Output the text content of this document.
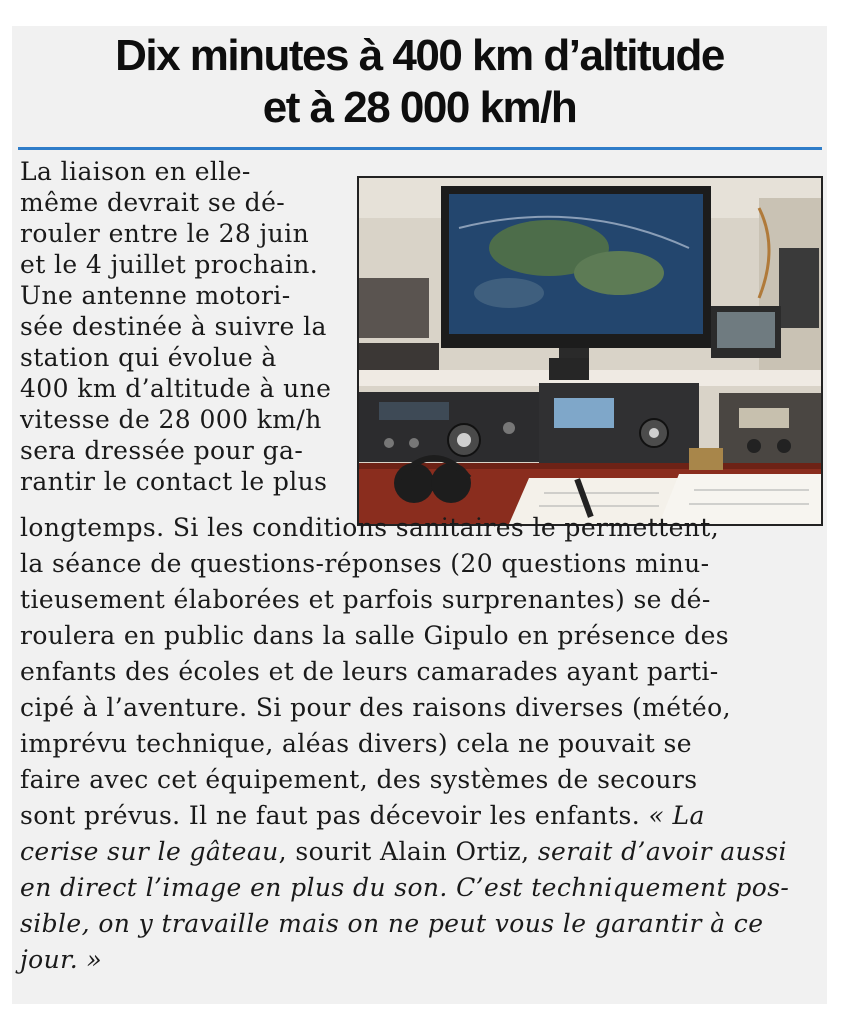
Dix minutes à 400 km d’altitude
et à 28 000 km/h
La liaison en elle-
même devrait se dé-
rouler entre le 28 juin
et le 4 juillet prochain.
Une antenne motori-
sée destinée à suivre la
station qui évolue à
400 km d’altitude à une
vitesse de 28 000 km/h
sera dressée pour ga-
rantir le contact le plus
longtemps. Si les conditions sanitaires le permettent,
la séance de questions-réponses (20 questions minu-
tieusement élaborées et parfois surprenantes) se dé-
roulera en public dans la salle Gipulo en présence des
enfants des écoles et de leurs camarades ayant parti-
cipé à l’aventure. Si pour des raisons diverses (météo,
imprévu technique, aléas divers) cela ne pouvait se
faire avec cet équipement, des systèmes de secours
sont prévus. Il ne faut pas décevoir les enfants. « La
cerise sur le gâteau, sourit Alain Ortiz, serait d’avoir aussi
en direct l’image en plus du son. C’est techniquement pos-
sible, on y travaille mais on ne peut vous le garantir à ce
jour. »
